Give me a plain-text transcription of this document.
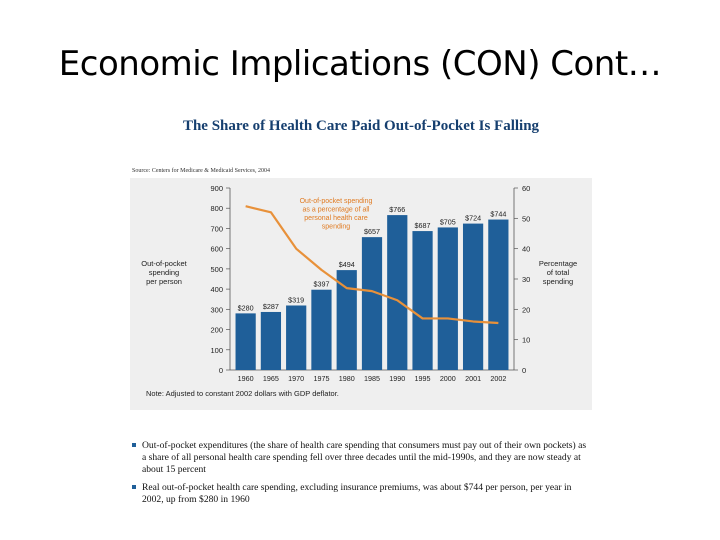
Economic Implications (CON) Cont…
The Share of Health Care Paid Out-of-Pocket Is Falling
Source: Centers for Medicare & Medicaid Services, 2004
0
100
200
300
400
500
600
700
800
900
0
10
20
30
40
50
60
Out-of-pocket
spending
per person
Percentage
of total
spending
$280
1960
$287
1965
$319
1970
$397
1975
$494
1980
$657
1985
$766
1990
$687
1995
$705
2000
$724
2001
$744
2002
Out-of-pocket spending
as a percentage of all
personal health care
spending
Note: Adjusted to constant 2002 dollars with GDP deflator.
Out-of-pocket expenditures (the share of health care spending that consumers must pay out of their own pockets) as a share of all personal health care spending fell over three decades until the mid-1990s, and they are now steady at about 15 percent
Real out-of-pocket health care spending, excluding insurance premiums, was about $744 per person, per year in 2002, up from $280 in 1960
